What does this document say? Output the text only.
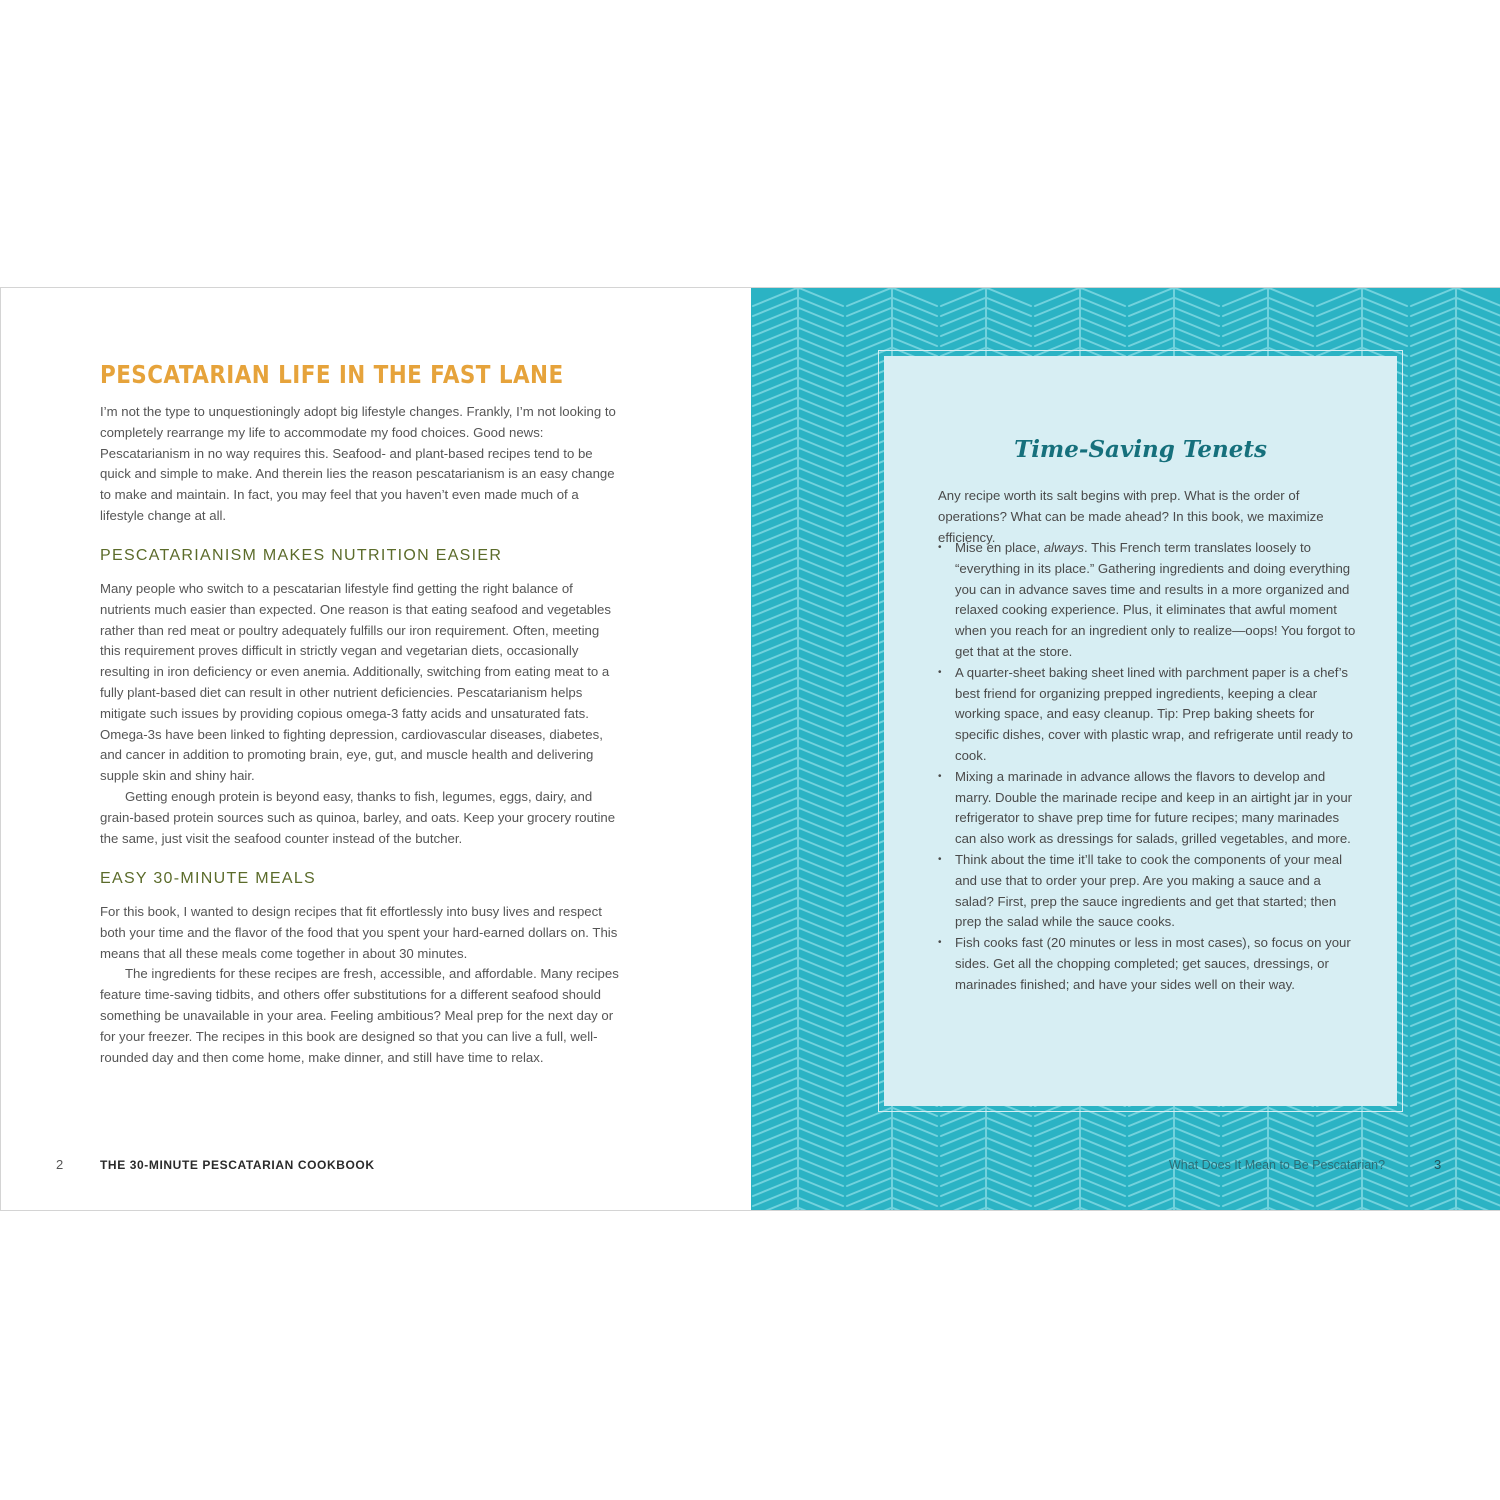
PESCATARIAN LIFE IN THE FAST LANE

I’m not the type to unquestioningly adopt big lifestyle changes. Frankly, I’m not looking to completely rearrange my life to accommodate my food choices. Good news: Pescatarianism in no way requires this. Seafood- and plant-based recipes tend to be quick and simple to make. And therein lies the reason pescatarianism is an easy change to make and maintain. In fact, you may feel that you haven’t even made much of a lifestyle change at all.

PESCATARIANISM MAKES NUTRITION EASIER

Many people who switch to a pescatarian lifestyle find getting the right balance of nutrients much easier than expected. One reason is that eating seafood and vegetables rather than red meat or poultry adequately fulfills our iron requirement. Often, meeting this requirement proves difficult in strictly vegan and vegetarian diets, occasionally resulting in iron deficiency or even anemia. Additionally, switching from eating meat to a fully plant-based diet can result in other nutrient deficiencies. Pescatarianism helps mitigate such issues by providing copious omega-3 fatty acids and unsaturated fats. Omega-3s have been linked to fighting depression, cardiovascular diseases, diabetes, and cancer in addition to promoting brain, eye, gut, and muscle health and delivering supple skin and shiny hair.

Getting enough protein is beyond easy, thanks to fish, legumes, eggs, dairy, and grain-based protein sources such as quinoa, barley, and oats. Keep your grocery routine the same, just visit the seafood counter instead of the butcher.

EASY 30-MINUTE MEALS

For this book, I wanted to design recipes that fit effortlessly into busy lives and respect both your time and the flavor of the food that you spent your hard-earned dollars on. This means that all these meals come together in about 30 minutes.

The ingredients for these recipes are fresh, accessible, and affordable. Many recipes feature time-saving tidbits, and others offer substitutions for a different seafood should something be unavailable in your area. Feeling ambitious? Meal prep for the next day or for your freezer. The recipes in this book are designed so that you can live a full, well-rounded day and then come home, make dinner, and still have time to relax.

2	THE 30-MINUTE PESCATARIAN COOKBOOK
Time-Saving Tenets

Any recipe worth its salt begins with prep. What is the order of operations? What can be made ahead? In this book, we maximize efficiency.

• Mise en place, always. This French term translates loosely to “everything in its place.” Gathering ingredients and doing everything you can in advance saves time and results in a more organized and relaxed cooking experience. Plus, it eliminates that awful moment when you reach for an ingredient only to realize—oops! You forgot to get that at the store.
• A quarter-sheet baking sheet lined with parchment paper is a chef’s best friend for organizing prepped ingredients, keeping a clear working space, and easy cleanup. Tip: Prep baking sheets for specific dishes, cover with plastic wrap, and refrigerate until ready to cook.
• Mixing a marinade in advance allows the flavors to develop and marry. Double the marinade recipe and keep in an airtight jar in your refrigerator to shave prep time for future recipes; many marinades can also work as dressings for salads, grilled vegetables, and more.
• Think about the time it’ll take to cook the components of your meal and use that to order your prep. Are you making a sauce and a salad? First, prep the sauce ingredients and get that started; then prep the salad while the sauce cooks.
• Fish cooks fast (20 minutes or less in most cases), so focus on your sides. Get all the chopping completed; get sauces, dressings, or marinades finished; and have your sides well on their way.
What Does It Mean to Be Pescatarian?	3
